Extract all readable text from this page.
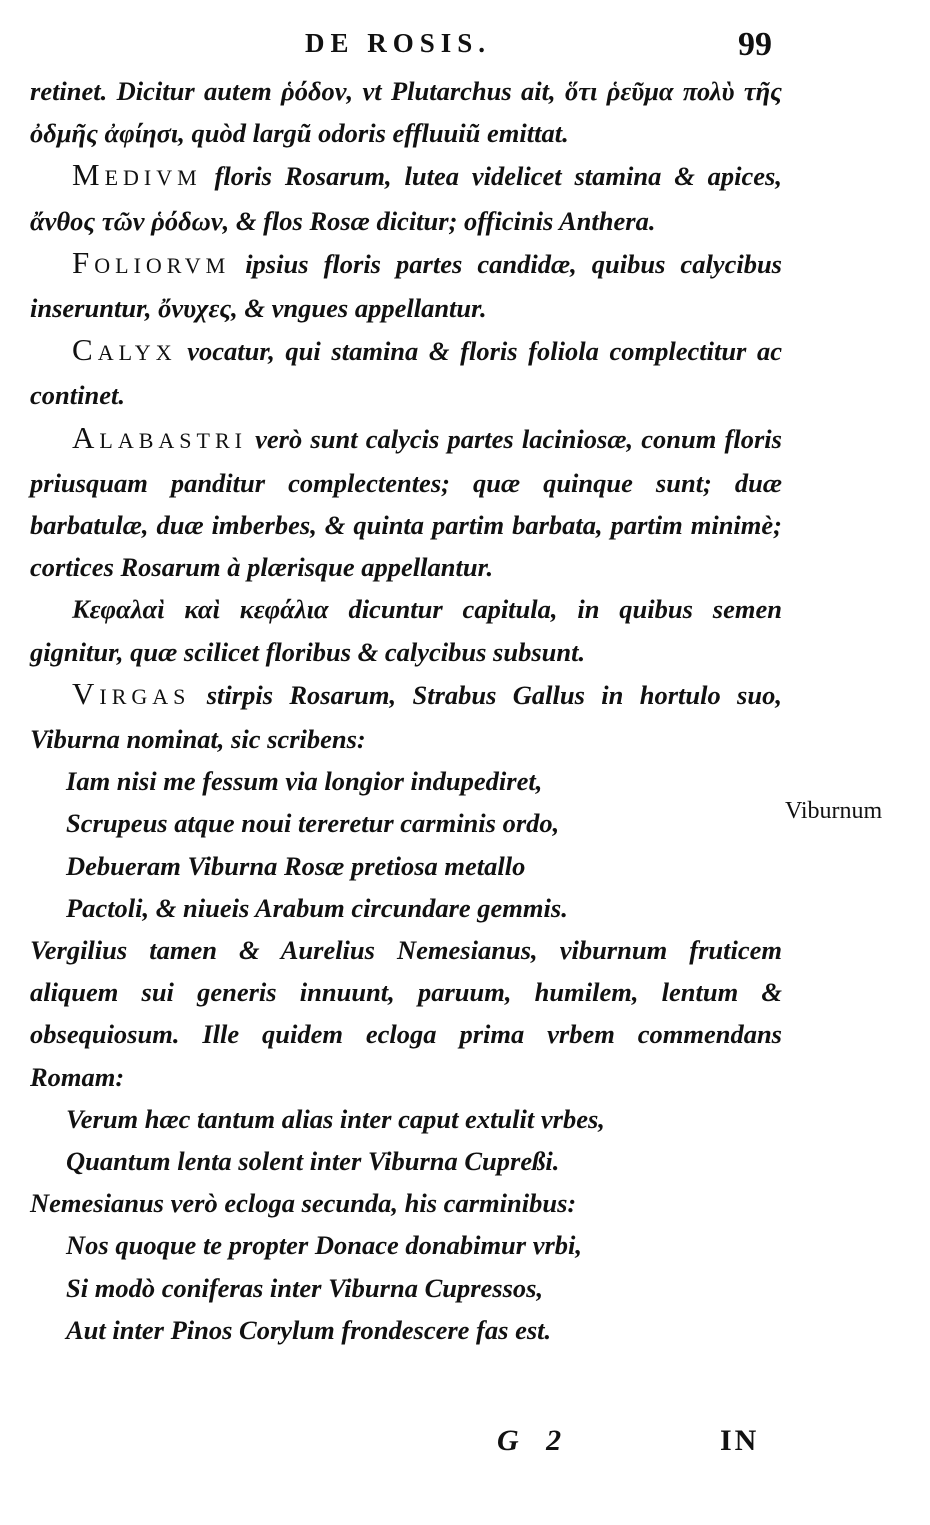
DE ROSIS.	99

retinet. Dicitur autem ῥόδον, vt Plutarchus ait, ὅτι ῥεῦμα πολὺ τῆς ὀδμῆς ἀφίησι, quòd largũ odoris effluuiũ emittat.

MEDIVM floris Rosarum, lutea videlicet stamina & apices, ἄνθος τῶν ῥόδων, & flos Rosæ dicitur; officinis Anthera.

FOLIORVM ipsius floris partes candidæ, quibus calycibus inseruntur, ὄνυχες, & vngues appellantur.

CALYX vocatur, qui stamina & floris foliola complectitur ac continet.

ALABASTRI verò sunt calycis partes laciniosæ, conum floris priusquam panditur complectentes; quæ quinque sunt; duæ barbatulæ, duæ imberbes, & quinta partim barbata, partim minimè; cortices Rosarum à plærisque appellantur.

Κεφαλαὶ καὶ κεφάλια dicuntur capitula, in quibus semen gignitur, quæ scilicet floribus & calycibus subsunt.

VIRGAS stirpis Rosarum, Strabus Gallus in hortulo suo, Viburna nominat, sic scribens:

Iam nisi me fessum via longior indupediret,

Scrupeus atque noui tereretur carminis ordo,

Debueram Viburna Rosæ pretiosa metallo

Pactoli, & niueis Arabum circundare gemmis.

Vergilius tamen & Aurelius Nemesianus, viburnum fruticem aliquem sui generis innuunt, paruum, humilem, lentum & obsequiosum. Ille quidem ecloga prima vrbem commendans Romam:

Verum hæc tantum alias inter caput extulit vrbes,

Quantum lenta solent inter Viburna Cupreßi.

Nemesianus verò ecloga secunda, his carminibus:

Nos quoque te propter Donace donabimur vrbi,

Si modò coniferas inter Viburna Cupressos,

Aut inter Pinos Corylum frondescere fas est.

Viburnum
G 2	IN
